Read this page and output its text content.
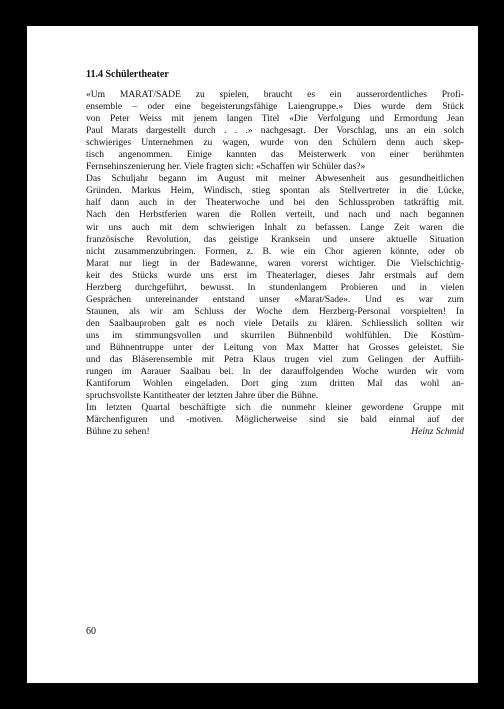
11.4 Schülertheater
«Um MARAT/SADE zu spielen, braucht es ein ausserordentliches Profi-
ensemble – oder eine begeisterungsfähige Laiengruppe.» Dies wurde dem Stück
von Peter Weiss mit jenem langen Titel «Die Verfolgung und Ermordung Jean
Paul Marats dargestellt durch . . .» nachgesagt. Der Vorschlag, uns an ein solch
schwieriges Unternehmen zu wagen, wurde von den Schülern denn auch skep-
tisch angenommen. Einige kannten das Meisterwerk von einer berühmten
Fernsehinszenierung her. Viele fragten sich: «Schaffen wir Schüler das?»
Das Schuljahr begann im August mit meiner Abwesenheit aus gesundheitlichen
Gründen. Markus Heim, Windisch, stieg spontan als Stellvertreter in die Lücke,
half dann auch in der Theaterwoche und bei den Schlussproben tatkräftig mit.
Nach den Herbstferien waren die Rollen verteilt, und nach und nach begannen
wir uns auch mit dem schwierigen Inhalt zu befassen. Lange Zeit waren die
französische Revolution, das geistige Kranksein und unsere aktuelle Situation
nicht zusammenzubringen. Formen, z. B. wie ein Chor agieren könnte, oder ob
Marat nur liegt in der Badewanne, waren vorerst wichtiger. Die Vielschichtig-
keit des Stücks wurde uns erst im Theaterlager, dieses Jahr erstmals auf dem
Herzberg durchgeführt, bewusst. In stundenlangem Probieren und in vielen
Gesprächen untereinander entstand unser «Marat/Sade». Und es war zum
Staunen, als wir am Schluss der Woche dem Herzberg-Personal vorspielten! In
den Saalbauproben galt es noch viele Details zu klären. Schliesslich sollten wir
uns im stimmungsvollen und skurrilen Bühnenbild wohlfühlen. Die Kostüm-
und Bühnentruppe unter der Leitung von Max Matter hat Grosses geleistet. Sie
und das Bläserensemble mit Petra Klaus trugen viel zum Gelingen der Auffüh-
rungen im Aarauer Saalbau bei. In der darauffolgenden Woche wurden wir vom
Kantiforum Wohlen eingeladen. Dort ging zum dritten Mal das wohl an-
spruchsvollste Kantitheater der letzten Jahre über die Bühne.
Im letzten Quartal beschäftigte sich die nunmehr kleiner gewordene Gruppe mit
Märchenfiguren und -motiven. Möglicherweise sind sie bald einmal auf der
Bühne zu sehen!	Heinz Schmid
60
